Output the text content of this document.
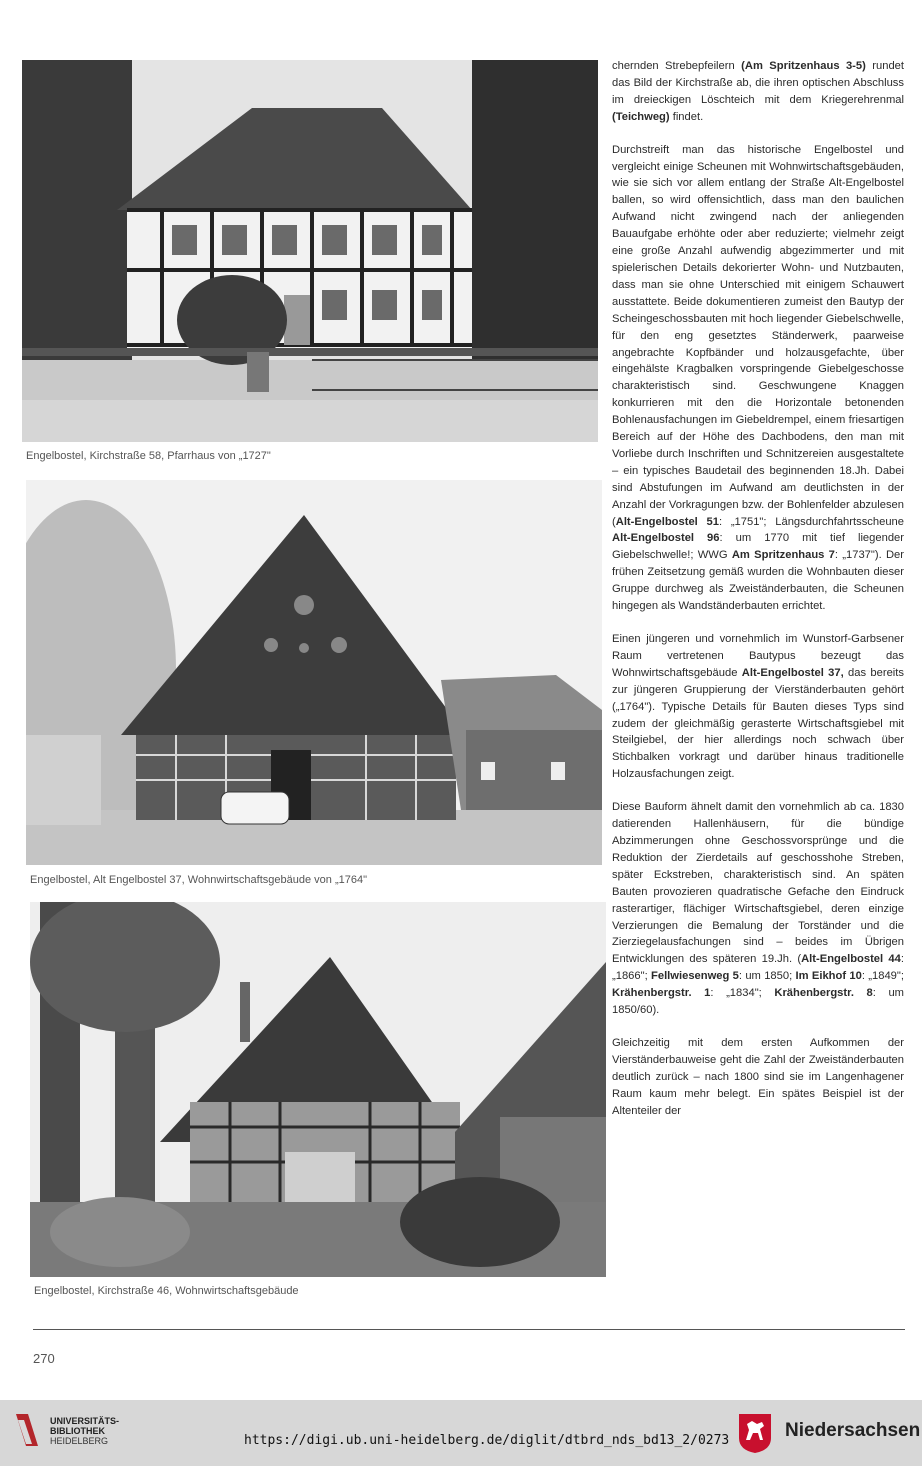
Engelbostel, Kirchstraße 58, Pfarrhaus von „1727"
Engelbostel, Alt Engelbostel 37, Wohnwirtschaftsgebäude von „1764"
Engelbostel, Kirchstraße 46, Wohnwirtschaftsgebäude

chernden Strebepfeilern (Am Spritzenhaus 3-5) rundet das Bild der Kirchstraße ab, die ihren optischen Abschluss im dreieckigen Löschteich mit dem Kriegerehrenmal (Teichweg) findet.

Durchstreift man das historische Engelbostel und vergleicht einige Scheunen mit Wohnwirtschaftsgebäuden, wie sie sich vor allem entlang der Straße Alt-Engelbostel ballen, so wird offensichtlich, dass man den baulichen Aufwand nicht zwingend nach der anliegenden Bauaufgabe erhöhte oder aber reduzierte; vielmehr zeigt eine große Anzahl aufwendig abgezimmerter und mit spielerischen Details dekorierter Wohn- und Nutzbauten, dass man sie ohne Unterschied mit einigem Schauwert ausstattete. Beide dokumentieren zumeist den Bautyp der Scheingeschossbauten mit hoch liegender Giebelschwelle, für den eng gesetztes Ständerwerk, paarweise angebrachte Kopfbänder und holzausgefachte, über eingehälste Kragbalken vorspringende Giebelgeschosse charakteristisch sind. Geschwungene Knaggen konkurrieren mit den die Horizontale betonenden Bohlenausfachungen im Giebeldrempel, einem friesartigen Bereich auf der Höhe des Dachbodens, den man mit Vorliebe durch Inschriften und Schnitzereien ausgestaltete – ein typisches Baudetail des beginnenden 18.Jh. Dabei sind Abstufungen im Aufwand am deutlichsten in der Anzahl der Vorkragungen bzw. der Bohlenfelder abzulesen (Alt-Engelbostel 51: „1751"; Längsdurchfahrtsscheune Alt-Engelbostel 96: um 1770 mit tief liegender Giebelschwelle!; WWG Am Spritzenhaus 7: „1737"). Der frühen Zeitsetzung gemäß wurden die Wohnbauten dieser Gruppe durchweg als Zweiständerbauten, die Scheunen hingegen als Wandständerbauten errichtet.

Einen jüngeren und vornehmlich im Wunstorf-Garbsener Raum vertretenen Bautypus bezeugt das Wohnwirtschaftsgebäude Alt-Engelbostel 37, das bereits zur jüngeren Gruppierung der Vierständerbauten gehört („1764"). Typische Details für Bauten dieses Typs sind zudem der gleichmäßig gerasterte Wirtschaftsgiebel mit Steilgiebel, der hier allerdings noch schwach über Stichbalken vorkragt und darüber hinaus traditionelle Holzausfachungen zeigt.

Diese Bauform ähnelt damit den vornehmlich ab ca. 1830 datierenden Hallenhäusern, für die bündige Abzimmerungen ohne Geschossvorsprünge und die Reduktion der Zierdetails auf geschosshohe Streben, später Eckstreben, charakteristisch sind. An späten Bauten provozieren quadratische Gefache den Eindruck rasterartiger, flächiger Wirtschaftsgiebel, deren einzige Verzierungen die Bemalung der Torständer und die Zierziegelausfachungen sind – beides im Übrigen Entwicklungen des späteren 19.Jh. (Alt-Engelbostel 44: „1866"; Fellwiesenweg 5: um 1850; Im Eikhof 10: „1849"; Krähenbergstr. 1: „1834"; Krähenbergstr. 8: um 1850/60).

Gleichzeitig mit dem ersten Aufkommen der Vierständerbauweise geht die Zahl der Zweiständerbauten deutlich zurück – nach 1800 sind sie im Langenhagener Raum kaum mehr belegt. Ein spätes Beispiel ist der Altenteiler der

270
UNIVERSITÄTS-
BIBLIOTHEK
HEIDELBERG	https://digi.ub.uni-heidelberg.de/diglit/dtbrd_nds_bd13_2/0273	Niedersachsen
